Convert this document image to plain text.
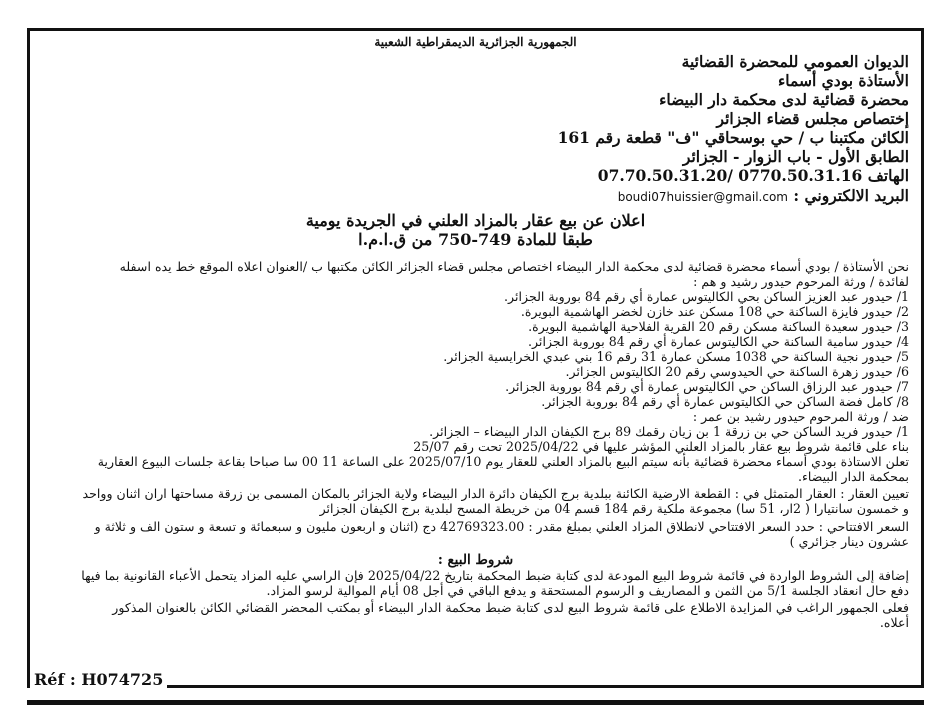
الجمهورية الجزائرية الديمقراطية الشعبية
الديوان العمومي للمحضرة القضائية
الأستاذة بودي أسماء
محضرة قضائية لدى محكمة دار البيضاء
إختصاص مجلس قضاء الجزائر
الكائن مكتبنا ب / حي بوسحاقي "ف" قطعة رقم 161
الطابق الأول - باب الزوار - الجزائر
الهاتف 0770.50.31.16 /07.70.50.31.20
البريد الالكتروني : boudi07huissier@gmail.com
اعلان عن بيع عقار بالمزاد العلني في الجريدة يومية
طبقا للمادة 749-750 من ق.ا.م.ا
نحن الأستاذة / بودي أسماء محضرة قضائية لدى محكمة الدار البيضاء اختصاص مجلس قضاء الجزائر الكائن مكتبها ب /العنوان اعلاه الموقع خط يده اسفله
لفائدة / ورثة المرحوم حيدور رشيد و هم :
1/ حيدور عبد العزيز الساكن بحي الكاليتوس عمارة أي رقم 84 بوروبة الجزائر.
2/ حيدور فايزة الساكنة حي 108 مسكن عند خازن لخضر الهاشمية البويرة.
3/ حيدور سعيدة الساكنة مسكن رقم 20 القرية الفلاحية الهاشمية البويرة.
4/ حيدور سامية الساكنة حي الكاليتوس عمارة أي رقم 84 بوروبة الجزائر.
5/ حيدور نجية الساكنة حي 1038 مسكن عمارة 31 رقم 16 بني عبدي الخرايسية الجزائر.
6/ حيدور زهرة الساكنة حي الحيدوسي رقم 20 الكاليتوس الجزائر.
7/ حيدور عبد الرزاق الساكن حي الكاليتوس عمارة أي رقم 84 بوروبة الجزائر.
8/ كامل فضة الساكن حي الكاليتوس عمارة أي رقم 84 بوروبة الجزائر.
ضد / ورثة المرحوم حيدور رشيد بن عمر :
1/ حيدور فريد الساكن حي بن زرقة 1 بن زيان رقمك 89 برج الكيفان الدار البيضاء – الجزائر.
بناء على قائمة شروط بيع عقار بالمزاد العلني المؤشر عليها في 2025/04/22 تحت رقم 25/07
تعلن الاستاذة بودي أسماء محضرة قضائية بأنه سيتم البيع بالمزاد العلني للعقار يوم 2025/07/10 على الساعة 11 00 سا صباحا بقاعة جلسات البيوع العقارية
بمحكمة الدار البيضاء.
تعيين العقار : العقار المتمثل في : القطعة الارضية الكائنة ببلدية برج الكيفان دائرة الدار البيضاء ولاية الجزائر بالمكان المسمى بن زرقة مساحتها اران اثنان وواحد
و خمسون سانتيارا ( 2ار، 51 سا) مجموعة ملكية رقم 184 قسم 04 من خريطة المسح لبلدية برج الكيفان الجزائر
السعر الافتتاحي : حدد السعر الافتتاحي لانطلاق المزاد العلني بمبلغ مقدر : 42769323.00 دج (اثنان و اربعون مليون و سبعمائة و تسعة و ستون الف و ثلاثة و
عشرون دينار جزائري )
شروط البيع :
إضافة إلى الشروط الواردة في قائمة شروط البيع المودعة لدى كتابة ضبط المحكمة بتاريخ 2025/04/22 فإن الراسي عليه المزاد يتحمل الأعباء القانونية بما فيها
دفع حال انعقاد الجلسة 5/1 من الثمن و المصاريف و الرسوم المستحقة و يدفع الباقي في أجل 08 أيام الموالية لرسو المزاد.
فعلى الجمهور الراغب في المزايدة الاطلاع على قائمة شروط البيع لدى كتابة ضبط محكمة الدار البيضاء أو بمكتب المحضر القضائي الكائن بالعنوان المذكور
أعلاه.
Réf : H074725
